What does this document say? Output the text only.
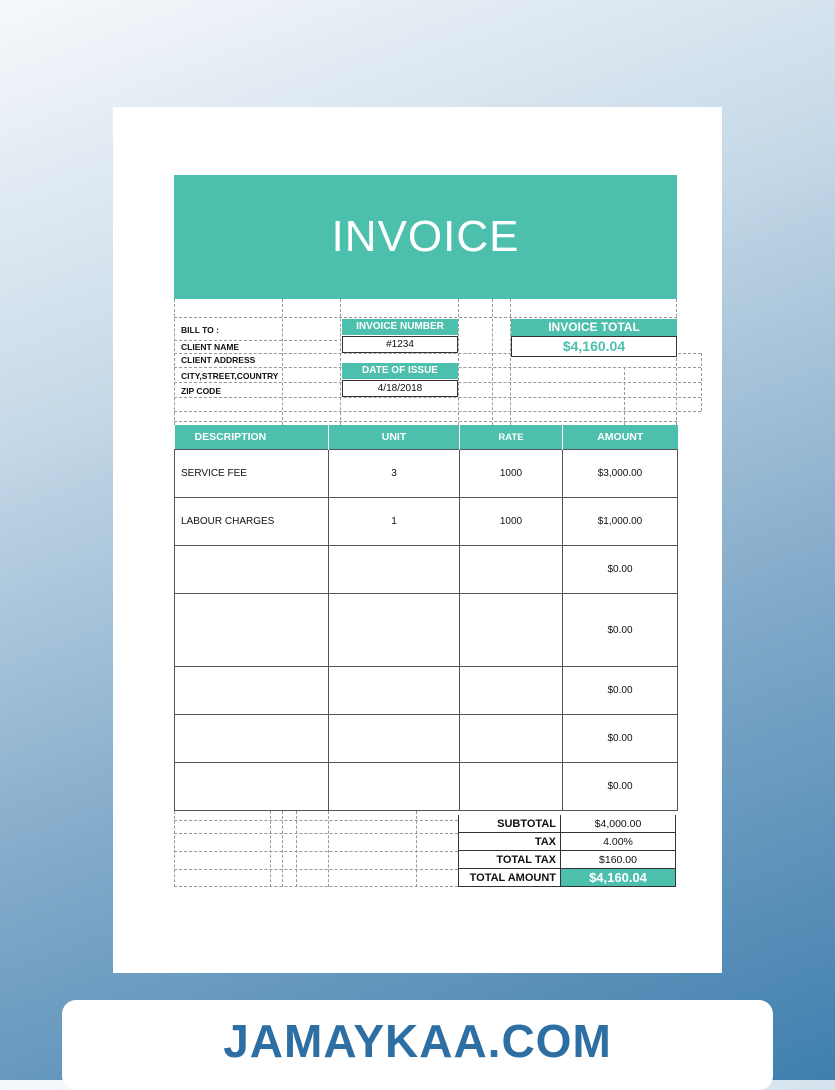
INVOICE
BILL TO :
CLIENT NAME
CLIENT ADDRESS
CITY,STREET,COUNTRY
ZIP CODE
INVOICE NUMBER
#1234
DATE OF ISSUE
4/18/2018
INVOICE TOTAL
$4,160.04
DESCRIPTION	UNIT	RATE	AMOUNT
SERVICE FEE	3	1000	$3,000.00
LABOUR CHARGES	1	1000	$1,000.00
			$0.00
			$0.00
			$0.00
			$0.00
			$0.00
SUBTOTAL	$4,000.00
TAX	4.00%
TOTAL TAX	$160.00
TOTAL AMOUNT	$4,160.04
JAMAYKAA.COM
